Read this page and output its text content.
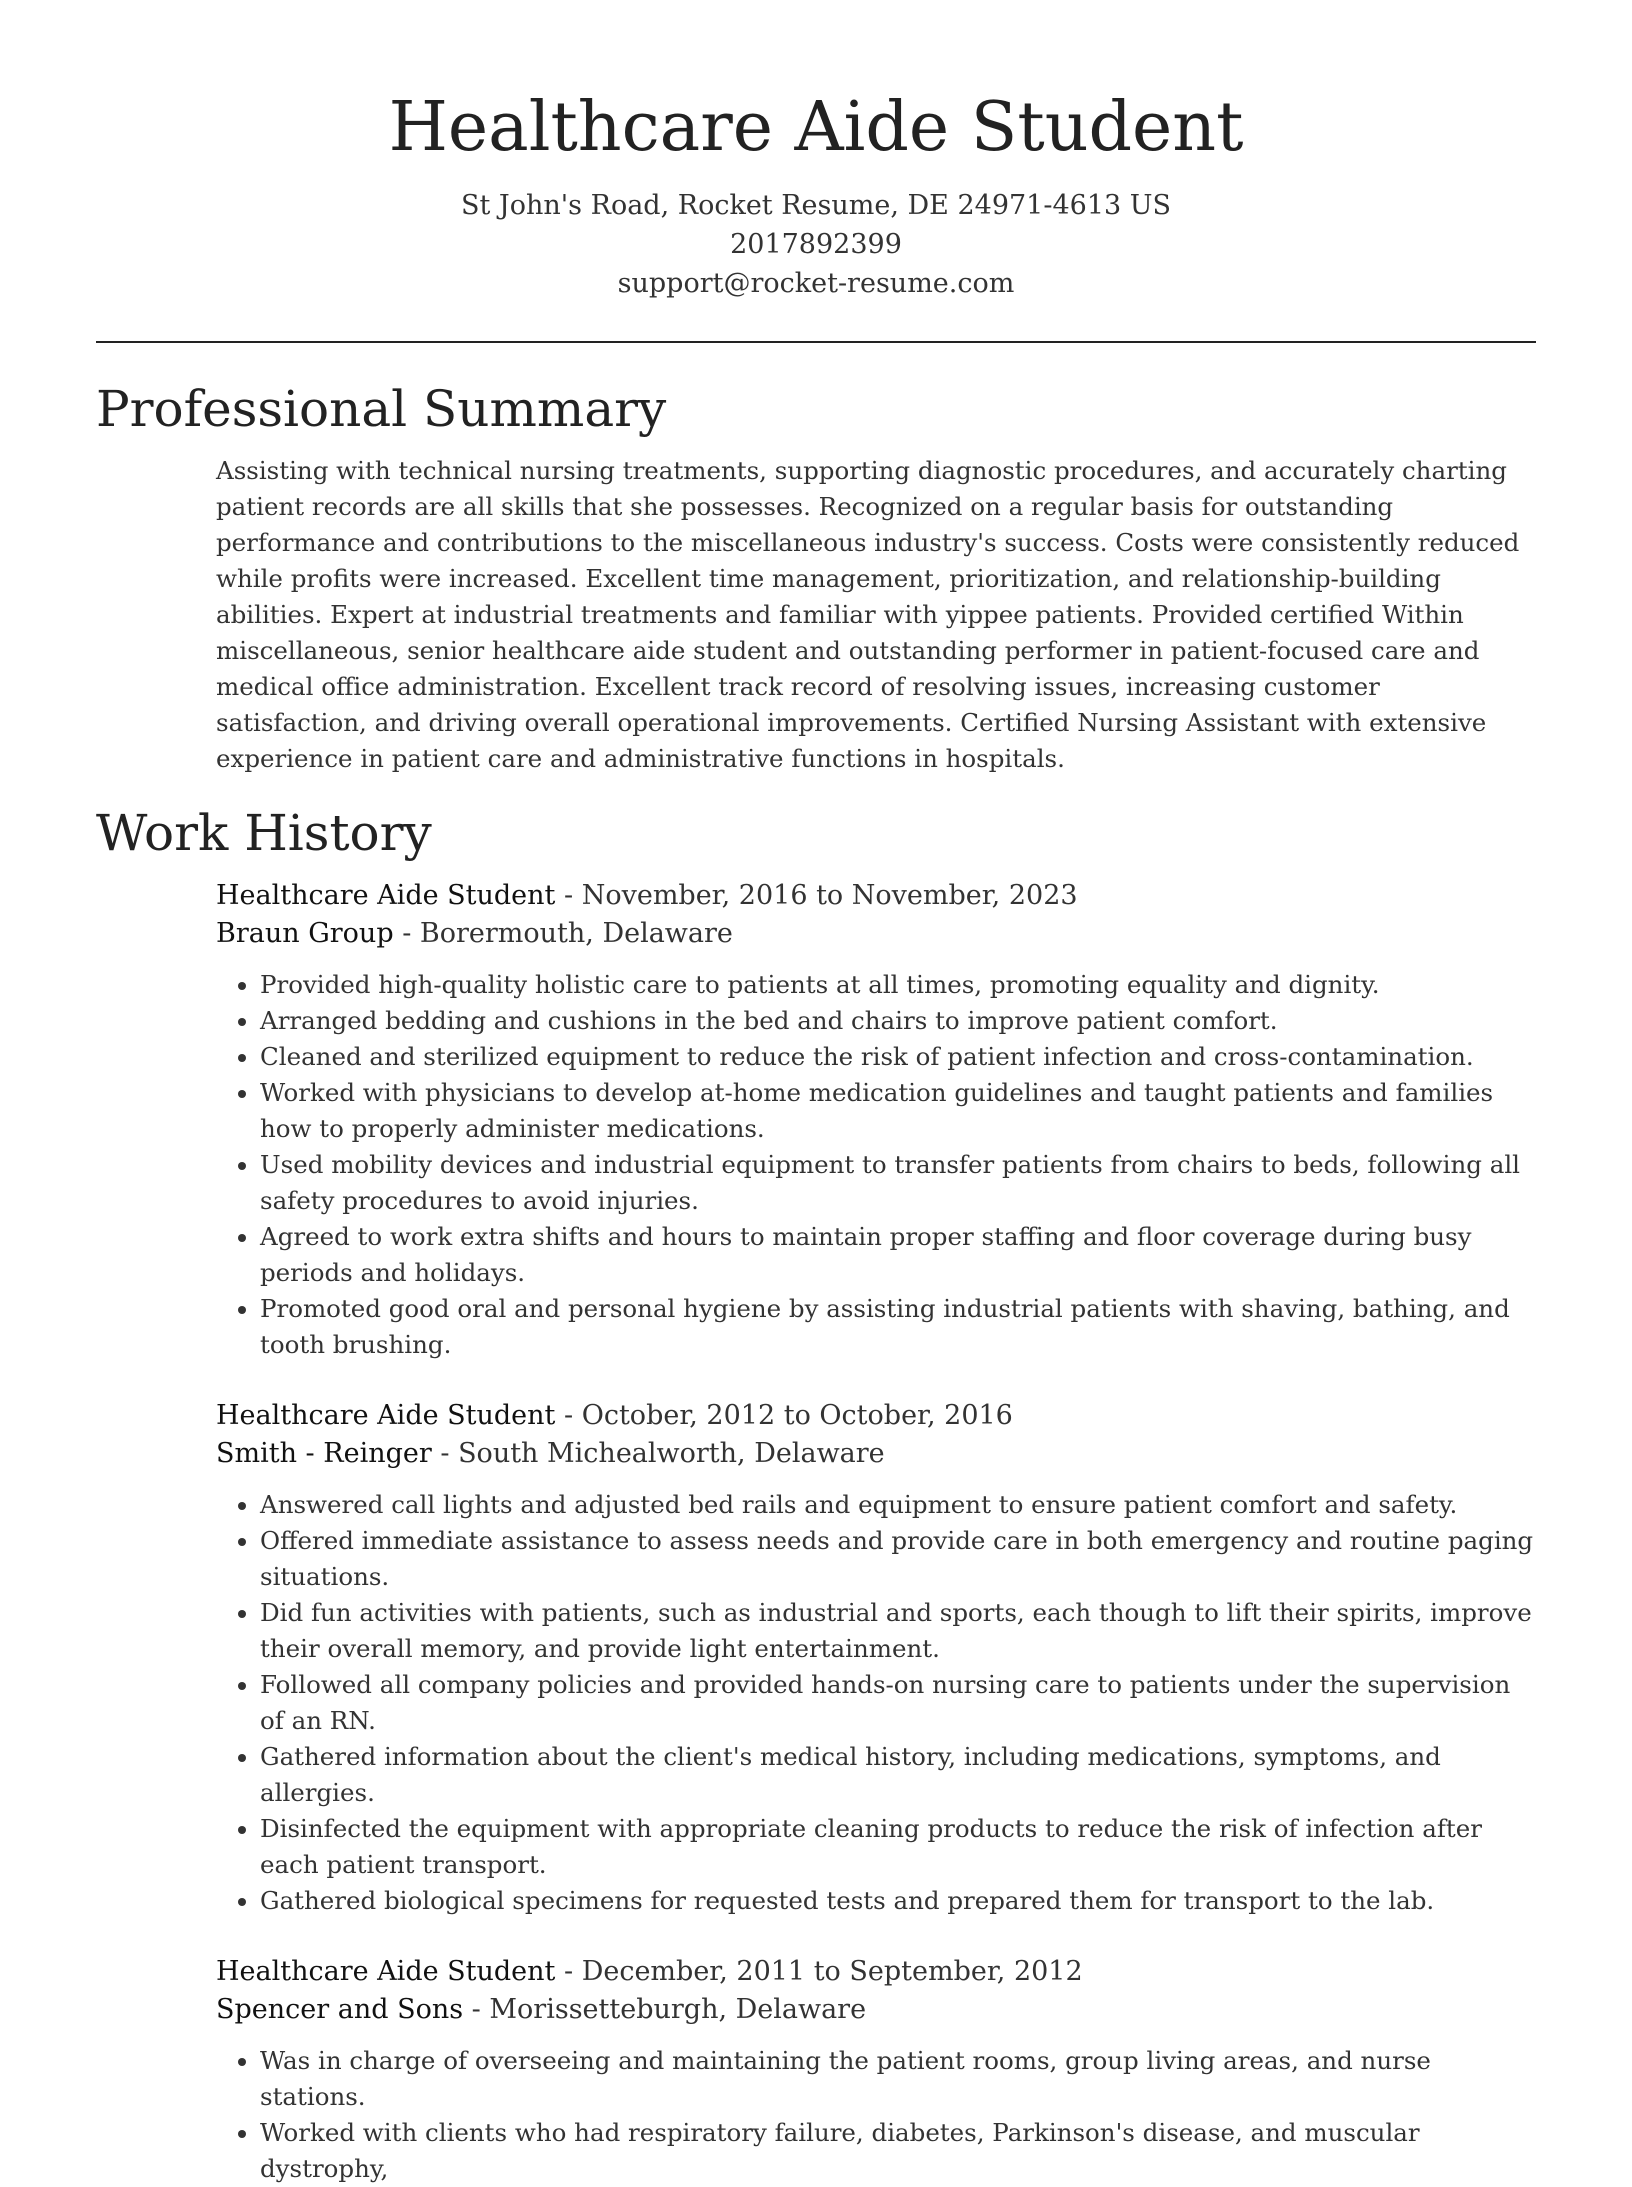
Healthcare Aide Student
St John's Road, Rocket Resume, DE 24971-4613 US
2017892399
support@rocket-resume.com
Professional Summary

Assisting with technical nursing treatments, supporting diagnostic procedures, and accurately charting patient records are all skills that she possesses. Recognized on a regular basis for outstanding performance and contributions to the miscellaneous industry's success. Costs were consistently reduced while profits were increased. Excellent time management, prioritization, and relationship-building abilities. Expert at industrial treatments and familiar with yippee patients. Provided certified Within miscellaneous, senior healthcare aide student and outstanding performer in patient-focused care and medical office administration. Excellent track record of resolving issues, increasing customer satisfaction, and driving overall operational improvements. Certified Nursing Assistant with extensive experience in patient care and administrative functions in hospitals.

Work History
Healthcare Aide Student - November, 2016 to November, 2023
Braun Group - Borermouth, Delaware
• Provided high-quality holistic care to patients at all times, promoting equality and dignity.
• Arranged bedding and cushions in the bed and chairs to improve patient comfort.
• Cleaned and sterilized equipment to reduce the risk of patient infection and cross-contamination.
• Worked with physicians to develop at-home medication guidelines and taught patients and families how to properly administer medications.
• Used mobility devices and industrial equipment to transfer patients from chairs to beds, following all safety procedures to avoid injuries.
• Agreed to work extra shifts and hours to maintain proper staffing and floor coverage during busy periods and holidays.
• Promoted good oral and personal hygiene by assisting industrial patients with shaving, bathing, and tooth brushing.
Healthcare Aide Student - October, 2012 to October, 2016
Smith - Reinger - South Michealworth, Delaware
• Answered call lights and adjusted bed rails and equipment to ensure patient comfort and safety.
• Offered immediate assistance to assess needs and provide care in both emergency and routine paging situations.
• Did fun activities with patients, such as industrial and sports, each though to lift their spirits, improve their overall memory, and provide light entertainment.
• Followed all company policies and provided hands-on nursing care to patients under the supervision of an RN.
• Gathered information about the client's medical history, including medications, symptoms, and allergies.
• Disinfected the equipment with appropriate cleaning products to reduce the risk of infection after each patient transport.
• Gathered biological specimens for requested tests and prepared them for transport to the lab.
Healthcare Aide Student - December, 2011 to September, 2012
Spencer and Sons - Morissetteburgh, Delaware
• Was in charge of overseeing and maintaining the patient rooms, group living areas, and nurse stations.
• Worked with clients who had respiratory failure, diabetes, Parkinson's disease, and muscular dystrophy,
